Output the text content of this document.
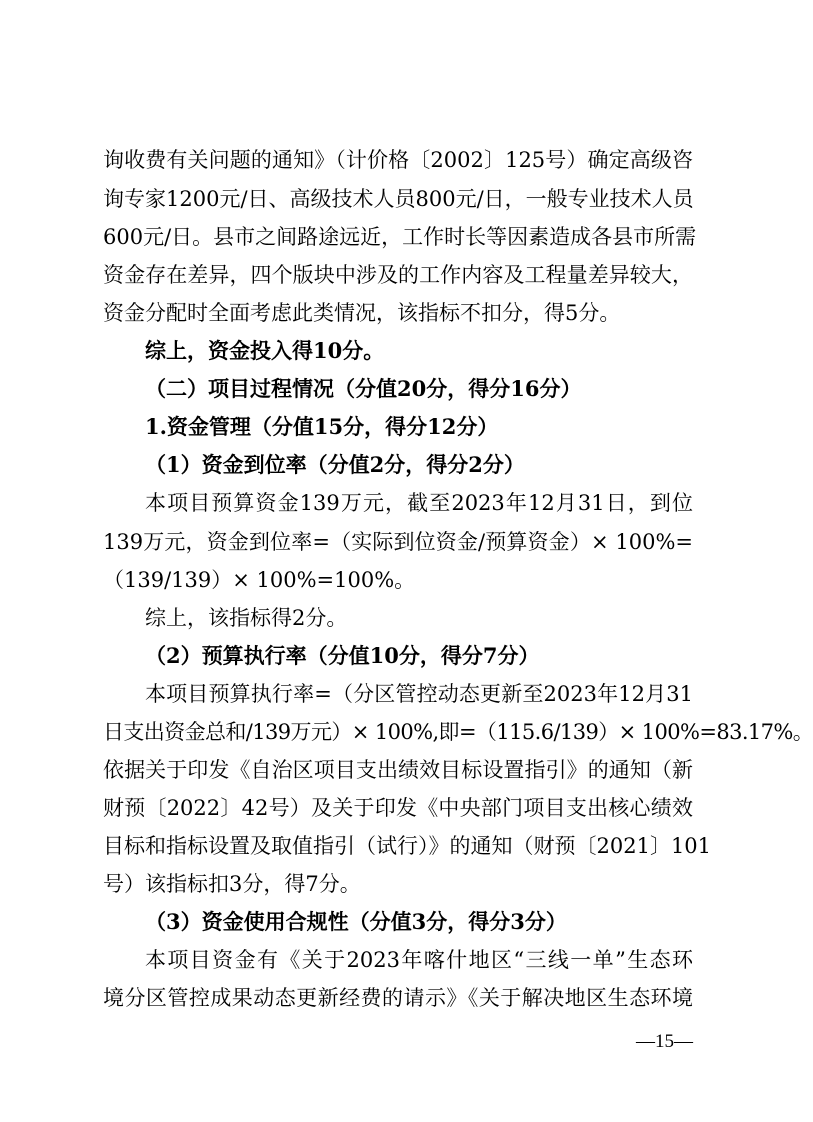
询收费有关问题的通知》（计价格〔2002〕125号）确定高级咨
询专家1200元/日、高级技术人员800元/日，一般专业技术人员
600元/日。县市之间路途远近，工作时长等因素造成各县市所需
资金存在差异，四个版块中涉及的工作内容及工程量差异较大，
资金分配时全面考虑此类情况，该指标不扣分，得5分。
综上，资金投入得10分。
（二）项目过程情况（分值20分，得分16分）
1.资金管理（分值15分，得分12分）
（1）资金到位率（分值2分，得分2分）
本项目预算资金139万元，截至2023年12月31日，到位
139万元，资金到位率=（实际到位资金/预算资金）× 100%=
（139/139）× 100%=100%。
综上，该指标得2分。
（2）预算执行率（分值10分，得分7分）
本项目预算执行率=（分区管控动态更新至2023年12月31
日支出资金总和/139万元）× 100%,即=（115.6/139）× 100%=83.17%。
依据关于印发《自治区项目支出绩效目标设置指引》的通知（新
财预〔2022〕42号）及关于印发《中央部门项目支出核心绩效
目标和指标设置及取值指引（试行）》的通知（财预〔2021〕101
号）该指标扣3分，得7分。
（3）资金使用合规性（分值3分，得分3分）
本项目资金有《关于2023年喀什地区“三线一单”生态环
境分区管控成果动态更新经费的请示》《关于解决地区生态环境
—15—
